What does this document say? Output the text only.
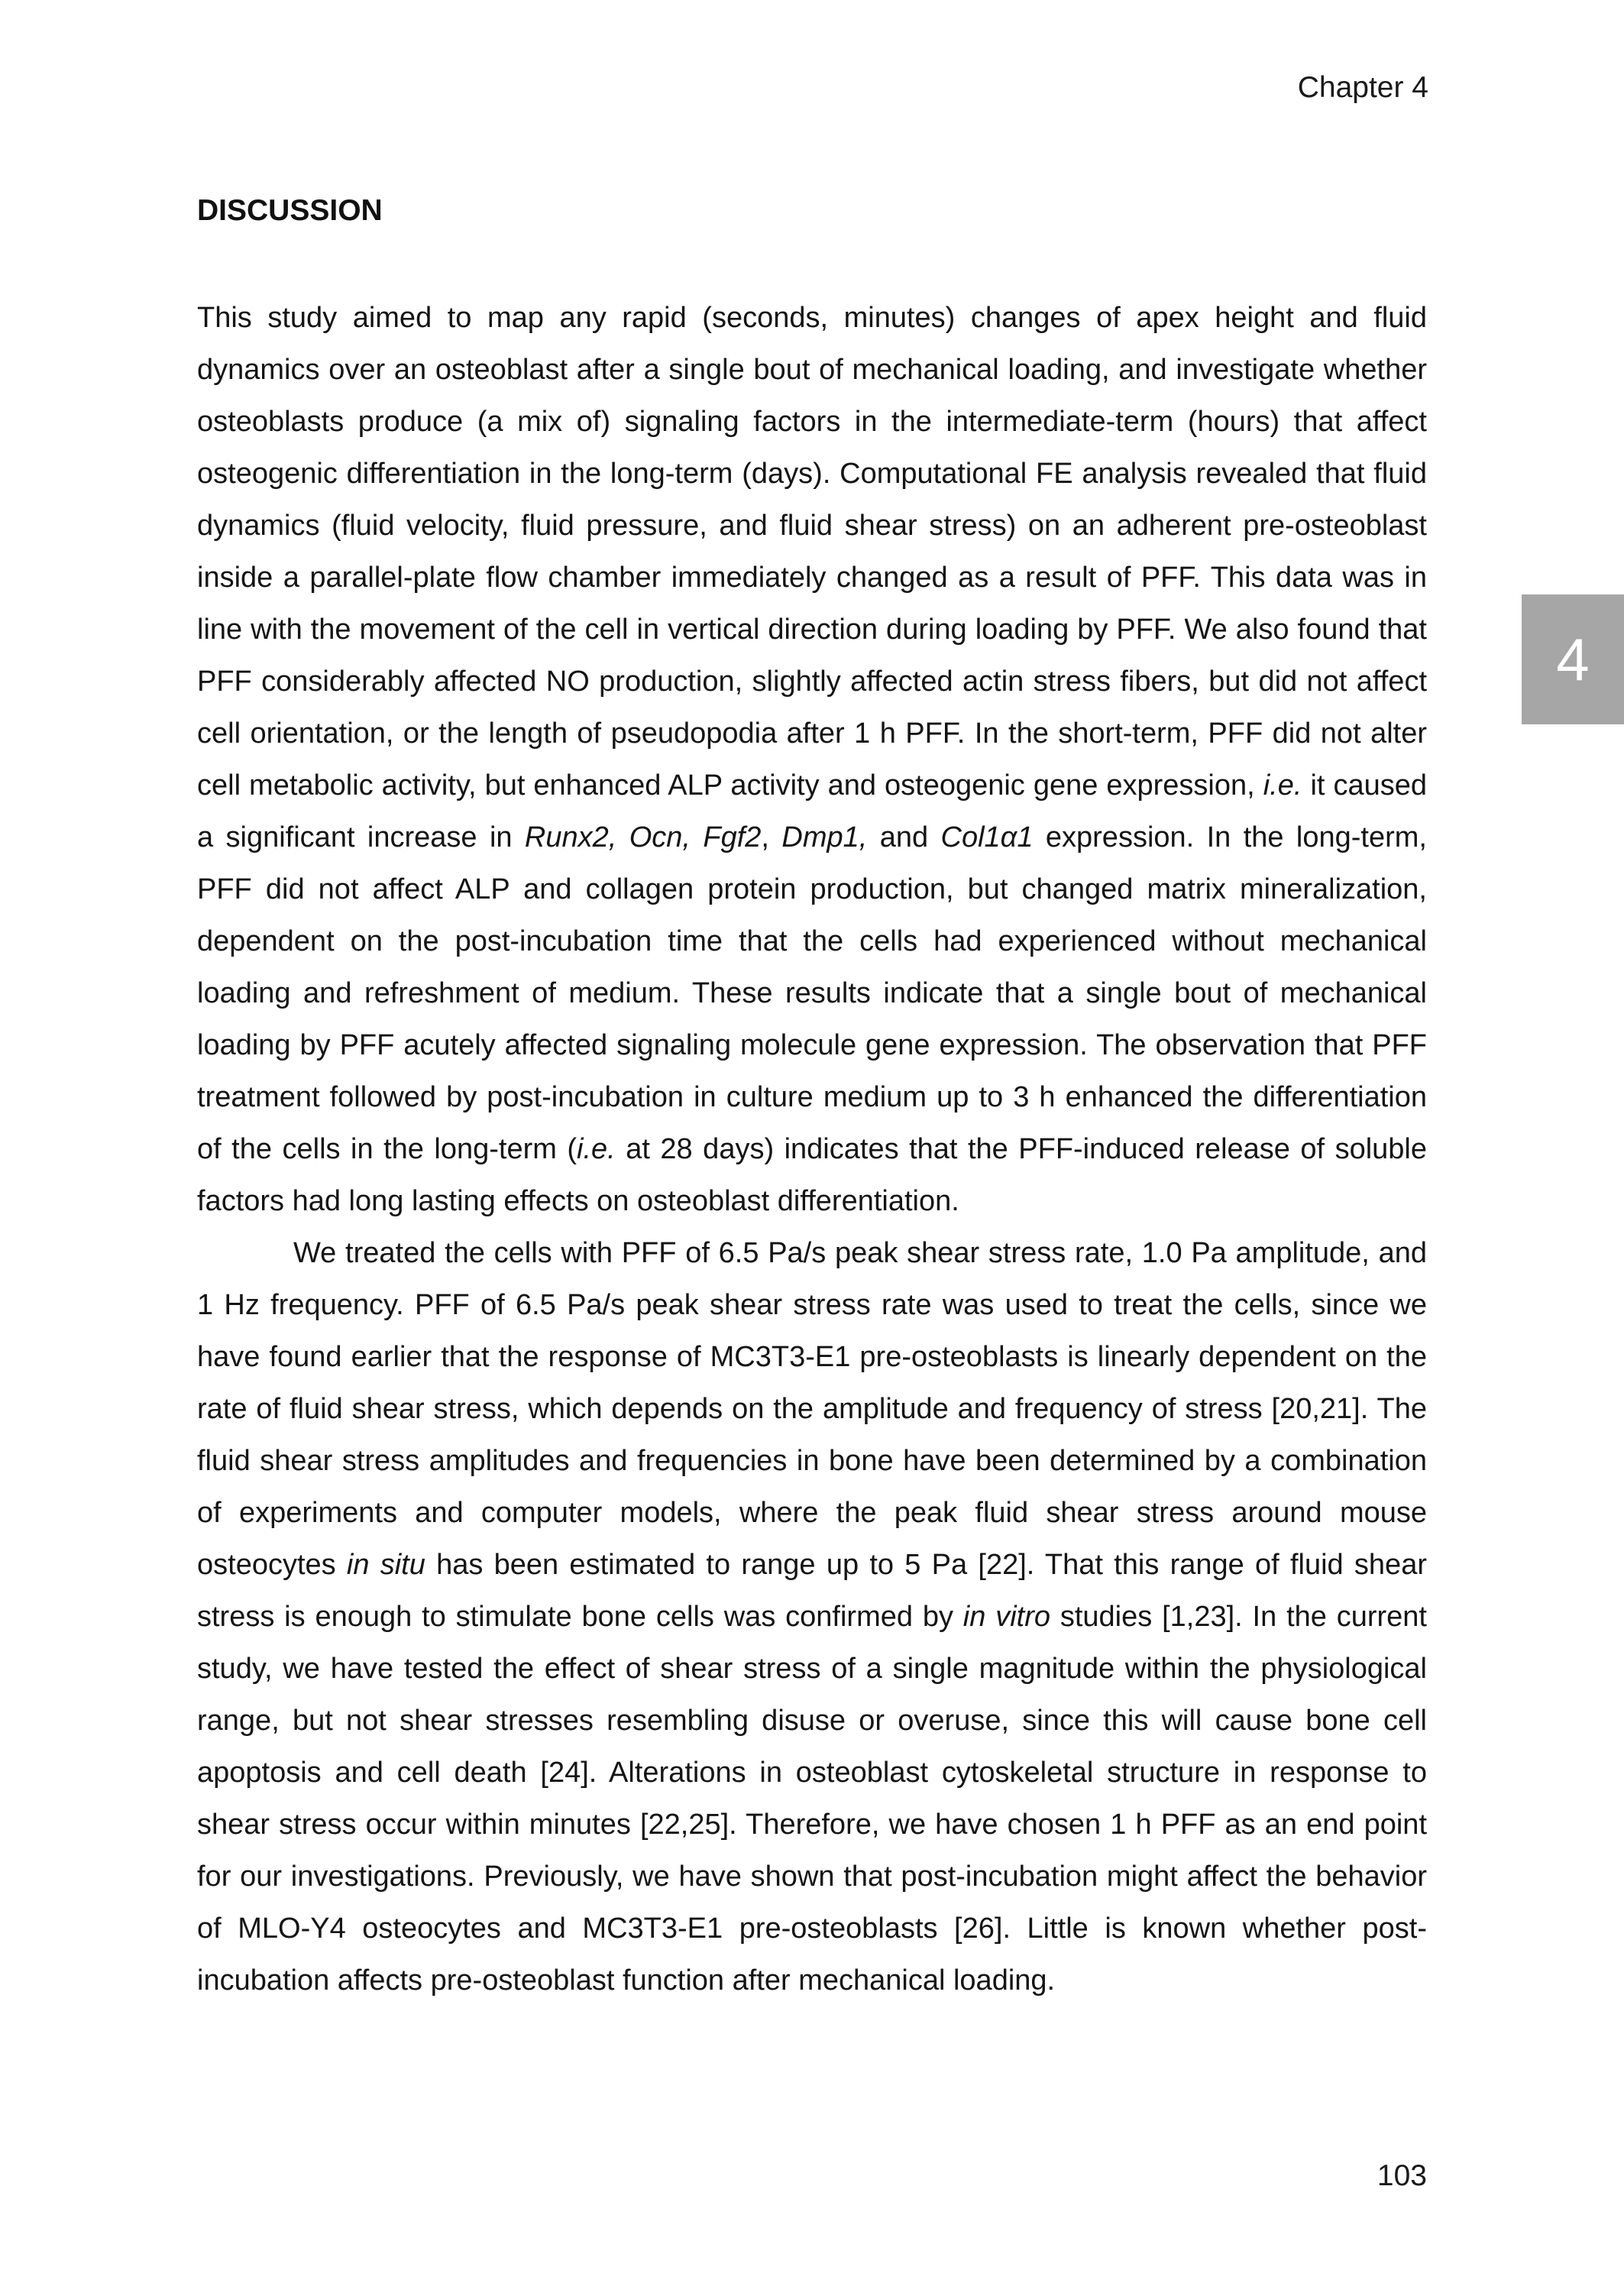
Chapter 4
4
DISCUSSION

This study aimed to map any rapid (seconds, minutes) changes of apex height and fluid dynamics over an osteoblast after a single bout of mechanical loading, and investigate whether osteoblasts produce (a mix of) signaling factors in the intermediate-term (hours) that affect osteogenic differentiation in the long-term (days). Computational FE analysis revealed that fluid dynamics (fluid velocity, fluid pressure, and fluid shear stress) on an adherent pre-osteoblast inside a parallel-plate flow chamber immediately changed as a result of PFF. This data was in line with the movement of the cell in vertical direction during loading by PFF. We also found that PFF considerably affected NO production, slightly affected actin stress fibers, but did not affect cell orientation, or the length of pseudopodia after 1 h PFF. In the short-term, PFF did not alter cell metabolic activity, but enhanced ALP activity and osteogenic gene expression, i.e. it caused a significant increase in Runx2, Ocn, Fgf2, Dmp1, and Col1α1 expression. In the long-term, PFF did not affect ALP and collagen protein production, but changed matrix mineralization, dependent on the post-incubation time that the cells had experienced without mechanical loading and refreshment of medium. These results indicate that a single bout of mechanical loading by PFF acutely affected signaling molecule gene expression. The observation that PFF treatment followed by post-incubation in culture medium up to 3 h enhanced the differentiation of the cells in the long-term (i.e. at 28 days) indicates that the PFF-induced release of soluble factors had long lasting effects on osteoblast differentiation.

We treated the cells with PFF of 6.5 Pa/s peak shear stress rate, 1.0 Pa amplitude, and 1 Hz frequency. PFF of 6.5 Pa/s peak shear stress rate was used to treat the cells, since we have found earlier that the response of MC3T3-E1 pre-osteoblasts is linearly dependent on the rate of fluid shear stress, which depends on the amplitude and frequency of stress [20,21]. The fluid shear stress amplitudes and frequencies in bone have been determined by a combination of experiments and computer models, where the peak fluid shear stress around mouse osteocytes in situ has been estimated to range up to 5 Pa [22]. That this range of fluid shear stress is enough to stimulate bone cells was confirmed by in vitro studies [1,23]. In the current study, we have tested the effect of shear stress of a single magnitude within the physiological range, but not shear stresses resembling disuse or overuse, since this will cause bone cell apoptosis and cell death [24]. Alterations in osteoblast cytoskeletal structure in response to shear stress occur within minutes [22,25]. Therefore, we have chosen 1 h PFF as an end point for our investigations. Previously, we have shown that post-incubation might affect the behavior of MLO-Y4 osteocytes and MC3T3-E1 pre-osteoblasts [26]. Little is known whether post-incubation affects pre-osteoblast function after mechanical loading.

103
